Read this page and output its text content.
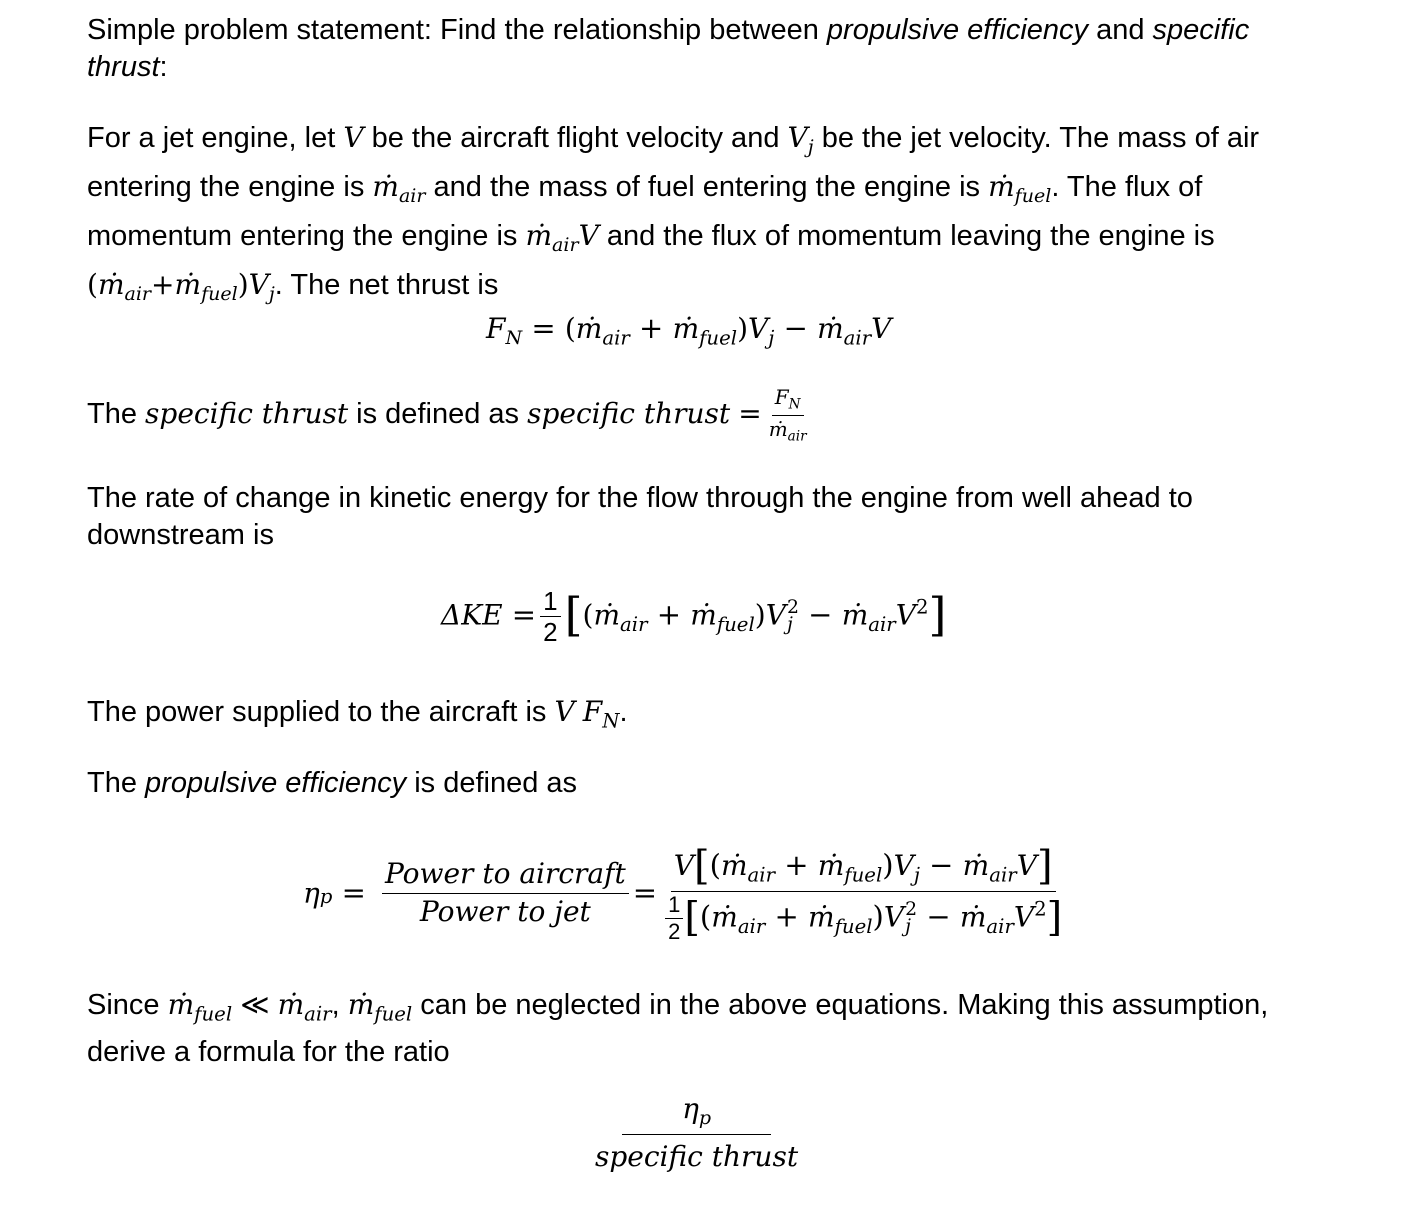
Simple problem statement: Find the relationship between propulsive efficiency and specific thrust:

For a jet engine, let V be the aircraft flight velocity and $V_j$ be the jet velocity. The mass of air entering the engine is ṁ$_{air}$ and the mass of fuel entering the engine is ṁ$_{fuel}$. The flux of momentum entering the engine is ṁ$_{air}$V and the flux of momentum leaving the engine is $(ṁ_{air}+ṁ_{fuel})V_j$. The net thrust is

$F_N$ = (ṁ$_{air}$ + $ṁ_{fuel})V_j$ − ṁ$_{air}$V
The specific thrust is defined as specific thrust = $\frac{F_N}{ṁ_{air}}$

The rate of change in kinetic energy for the flow through the engine from well ahead to downstream is

$\Delta KE = \frac{1}{2}$ [(ṁ$_{air}$ + ṁ$_{fuel}$)V 2
$j - ṁ_{air}V^2$]

The power supplied to the aircraft is V $F_N$.

The propulsive efficiency is defined as

$\eta p = \frac{\text{Power to aircraft}}{\text{Power to jet}}$ = V[(ṁ$_{air}$ + $ṁ_{fuel})V_j$ − ṁ$_{air}$V]
$\frac{1}{2}$ [(ṁ$_{air}$ + ṁ$_{fuel}$)V 2
$j - ṁ_{air}V^2$]

Since ṁ$_{fuel}$ ≪ ṁ$_{air}$, ṁ$_{fuel}$ can be neglected in the above equations. Making this assumption, derive a formula for the ratio

$\frac{\eta_p}{\text{specific thrust}}$
